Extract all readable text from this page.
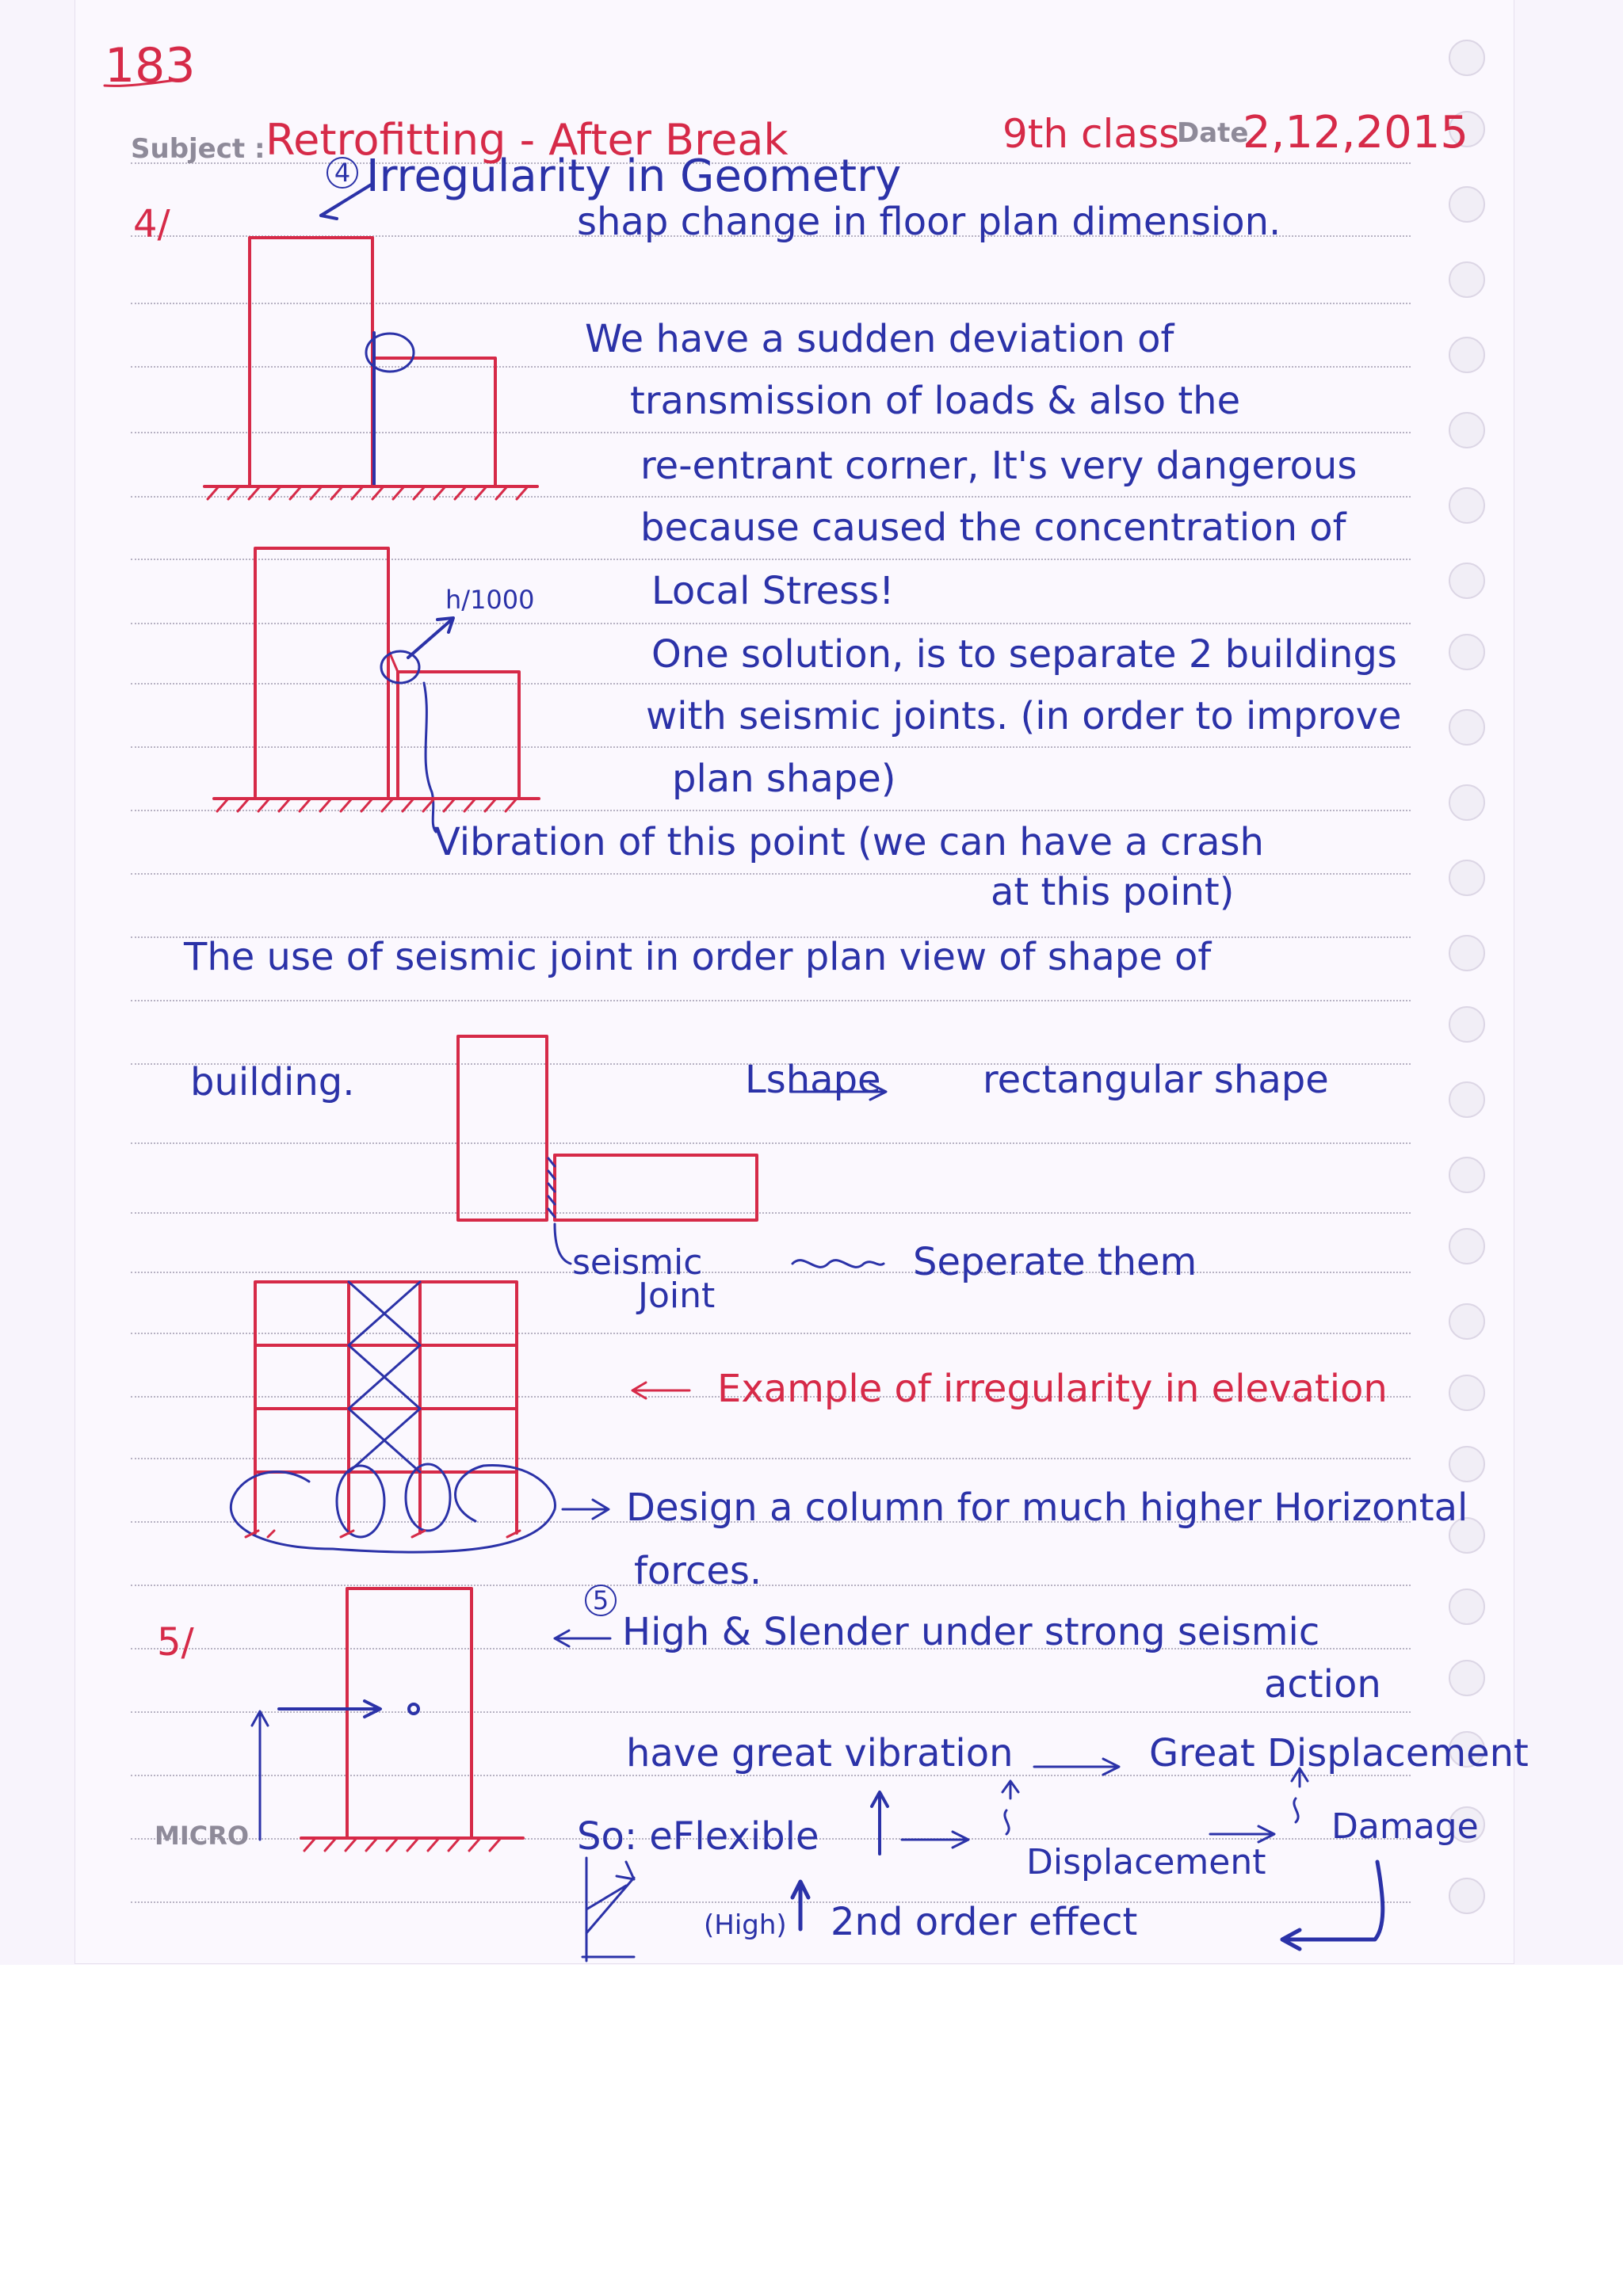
183
Subject : Retrofitting - After Break	9th class
Date
2,12,2015
MICRO
4/
4 Irregularity in Geometry
shap change in floor plan dimension.
We have a sudden deviation of
transmission of loads & also the
re-entrant corner, It's very dangerous
because caused the concentration of
Local Stress!
One solution, is to separate 2 buildings
with seismic joints. (in order to improve
plan shape)
h/1000
Vibration of this point (we can have a crash
at this point)
The use of seismic joint in order plan view of shape of
building.	Lshape	rectangular shape
seismic
Joint
Seperate them
Example of irregularity in elevation
Design a column for much higher Horizontal
forces.
5/
5
High & Slender under strong seismic
action
have great vibration	Great Displacement
So: eFlexible
Displacement
Damage
(High) 2nd order effect
